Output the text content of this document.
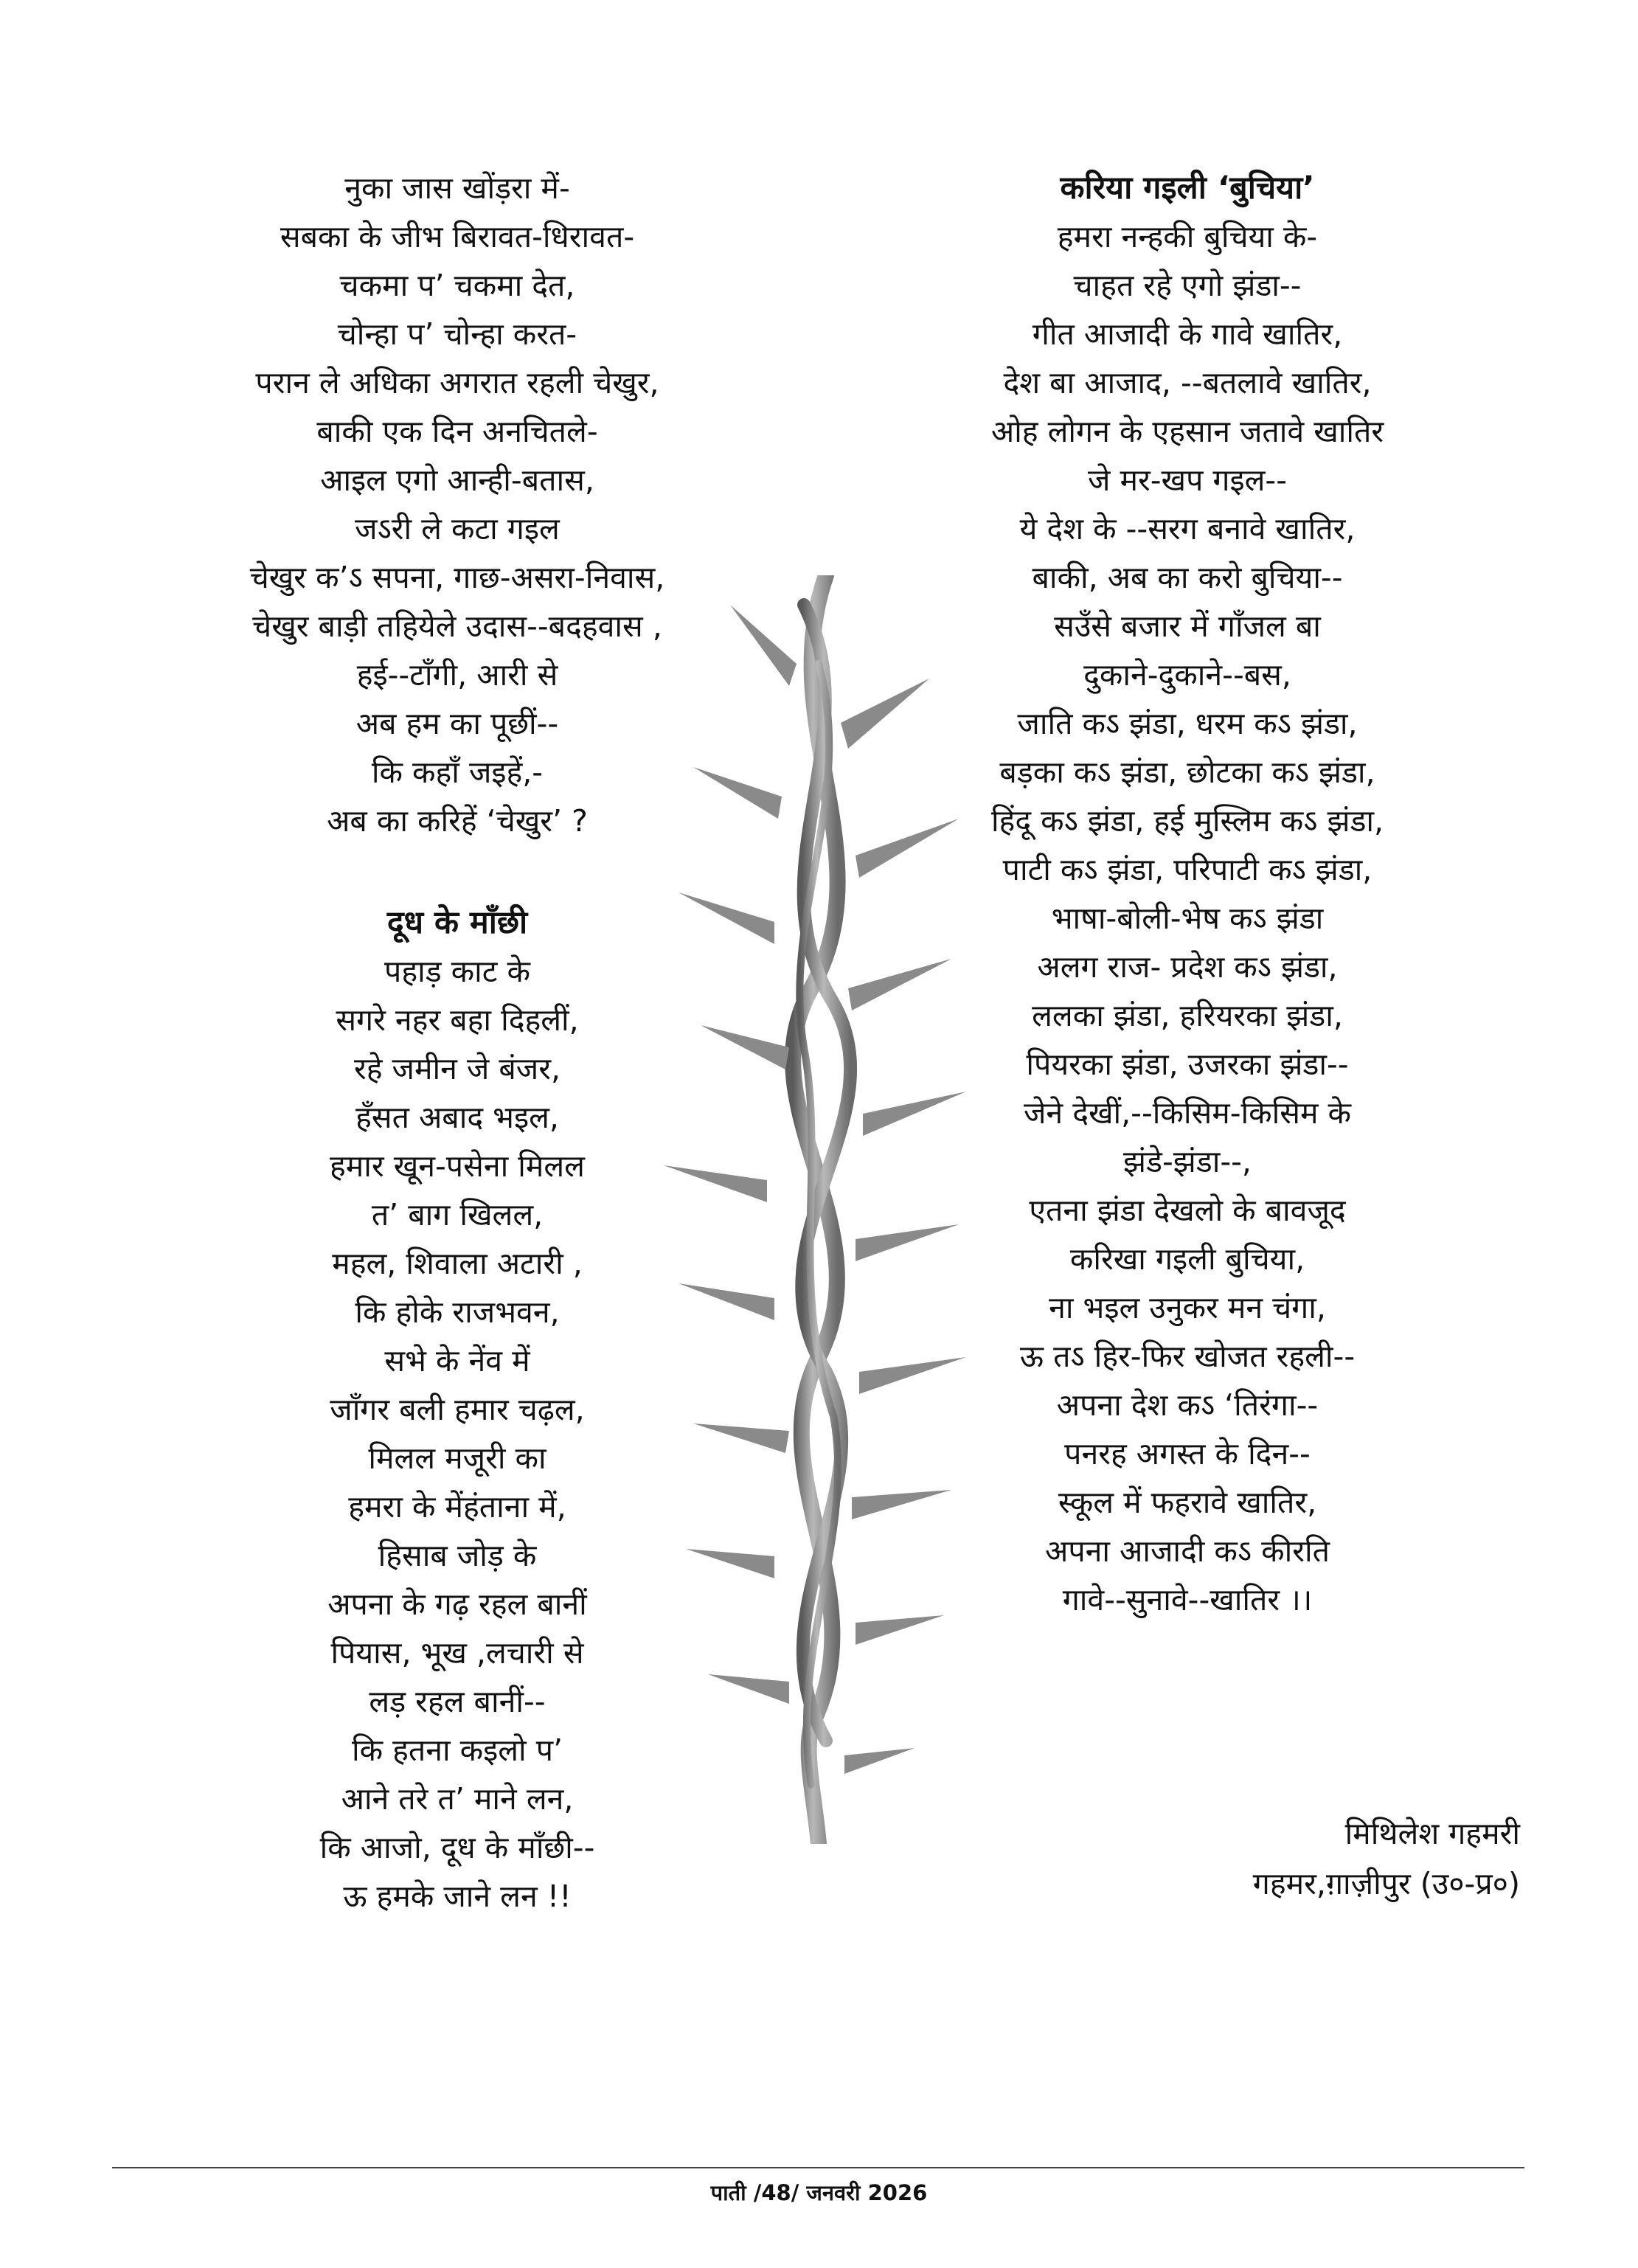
नुका जास खोंड़रा में-

सबका के जीभ बिरावत-धिरावत-

चकमा प’ चकमा देत,

चोन्हा प’ चोन्हा करत-

परान ले अधिका अगरात रहली चेखुर,

बाकी एक दिन अनचितले-

आइल एगो आन्ही-बतास,

जऽरी ले कटा गइल

चेखुर क’ऽ सपना, गाछ-असरा-निवास,

चेखुर बाड़ी तहियेले उदास--बदहवास ,

हई--टाँगी, आरी से

अब हम का पूछीं--

कि कहाँ जइहें,-

अब का करिहें ‘चेखुर’ ?

दूध के माँछी

पहाड़ काट के

सगरे नहर बहा दिहलीं,

रहे जमीन जे बंजर,

हँसत अबाद भइल,

हमार खून-पसेना मिलल

त’ बाग खिलल,

महल, शिवाला अटारी ,

कि होके राजभवन,

सभे के नेंव में

जाँगर बली हमार चढ़ल,

मिलल मजूरी का

हमरा के मेंहंताना में,

हिसाब जोड़ के

अपना के गढ़ रहल बानीं

पियास, भूख ,लचारी से

लड़ रहल बानीं--

कि हतना कइलो प’

आने तरे त’ माने लन,

कि आजो, दूध के माँछी--

ऊ हमके जाने लन !!

करिया गइली ‘बुचिया’

हमरा नन्हकी बुचिया के-

चाहत रहे एगो झंडा--

गीत आजादी के गावे खातिर,

देश बा आजाद, --बतलावे खातिर,

ओह लोगन के एहसान जतावे खातिर

जे मर-खप गइल--

ये देश के --सरग बनावे खातिर,

बाकी, अब का करो बुचिया--

सउँसे बजार में गाँजल बा

दुकाने-दुकाने--बस,

जाति कऽ झंडा, धरम कऽ झंडा,

बड़का कऽ झंडा, छोटका कऽ झंडा,

हिंदू कऽ झंडा, हई मुस्लिम कऽ झंडा,

पाटी कऽ झंडा, परिपाटी कऽ झंडा,

भाषा-बोली-भेष कऽ झंडा

अलग राज- प्रदेश कऽ झंडा,

ललका झंडा, हरियरका झंडा,

पियरका झंडा, उजरका झंडा--

जेने देखीं,--किसिम-किसिम के

झंडे-झंडा--,

एतना झंडा देखलो के बावजूद

करिखा गइली बुचिया,

ना भइल उनुकर मन चंगा,

ऊ तऽ हिर-फिर खोजत रहली--

अपना देश कऽ ‘तिरंगा--

पनरह अगस्त के दिन--

स्कूल में फहरावे खातिर,

अपना आजादी कऽ कीरति

गावे--सुनावे--खातिर ।।

मिथिलेश गहमरी

गहमर,ग़ाज़ीपुर (उ०-प्र०)

पाती /48/ जनवरी 2026
